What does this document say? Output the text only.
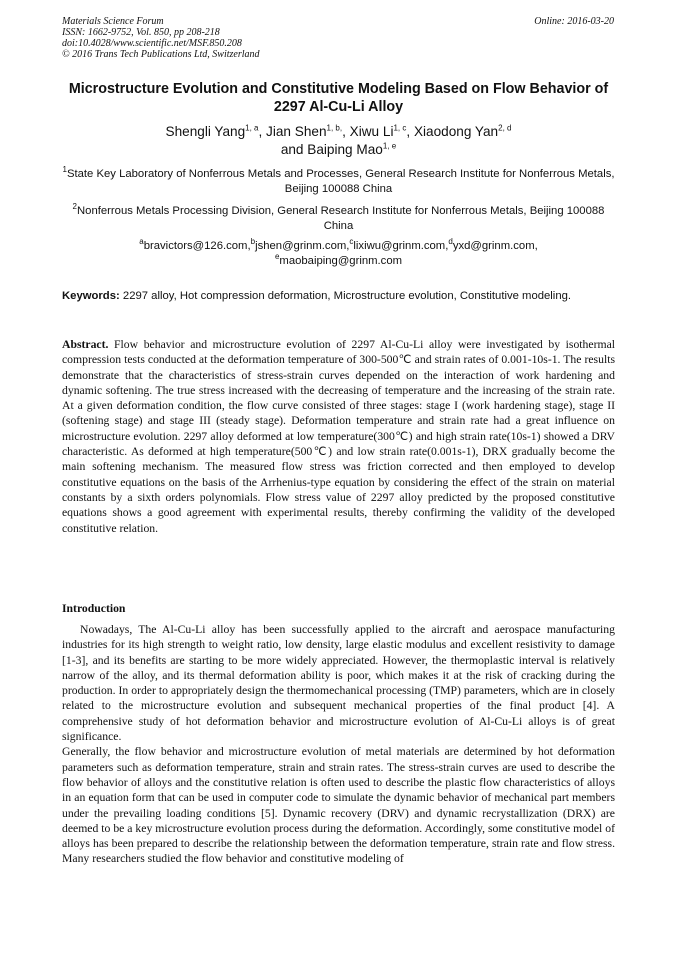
Materials Science Forum
ISSN: 1662-9752, Vol. 850, pp 208-218
doi:10.4028/www.scientific.net/MSF.850.208
© 2016 Trans Tech Publications Ltd, Switzerland
Online: 2016-03-20
Microstructure Evolution and Constitutive Modeling Based on Flow Behavior of 2297 Al-Cu-Li Alloy
Shengli Yang$^{1, a}$, Jian Shen$^{1, b,}$, Xiwu Li$^{1, c}$, Xiaodong Yan$^{2, d}$
and Baiping Mao$^{1, e}$
$^1$State Key Laboratory of Nonferrous Metals and Processes, General Research Institute for Nonferrous Metals, Beijing 100088 China
$^2$Nonferrous Metals Processing Division, General Research Institute for Nonferrous Metals, Beijing 100088 China
$^a$bravictors@126.com,$^b$jshen@grinm.com,$^c$lixiwu@grinm.com,$^d$yxd@grinm.com,
$^e$maobaiping@grinm.com
Keywords: 2297 alloy, Hot compression deformation, Microstructure evolution, Constitutive modeling.
Abstract. Flow behavior and microstructure evolution of 2297 Al-Cu-Li alloy were investigated by isothermal compression tests conducted at the deformation temperature of 300-500℃ and strain rates of 0.001-10s-1. The results demonstrate that the characteristics of stress-strain curves depended on the interaction of work hardening and dynamic softening. The true stress increased with the decreasing of temperature and the increasing of the strain rate. At a given deformation condition, the flow curve consisted of three stages: stage I (work hardening stage), stage II (softening stage) and stage III (steady stage). Deformation temperature and strain rate had a great influence on microstructure evolution. 2297 alloy deformed at low temperature(300℃) and high strain rate(10s-1) showed a DRV characteristic. As deformed at high temperature(500℃) and low strain rate(0.001s-1), DRX gradually become the main softening mechanism. The measured flow stress was friction corrected and then employed to develop constitutive equations on the basis of the Arrhenius-type equation by considering the effect of the strain on material constants by a sixth orders polynomials. Flow stress value of 2297 alloy predicted by the proposed constitutive equations shows a good agreement with experimental results, thereby confirming the validity of the developed constitutive relation.
Introduction

Nowadays, The Al-Cu-Li alloy has been successfully applied to the aircraft and aerospace manufacturing industries for its high strength to weight ratio, low density, large elastic modulus and excellent resistivity to damage [1-3], and its benefits are starting to be more widely appreciated. However, the thermoplastic interval is relatively narrow of the alloy, and its thermal deformation ability is poor, which makes it at the risk of cracking during the production. In order to appropriately design the thermomechanical processing (TMP) parameters, which are in closely related to the microstructure evolution and subsequent mechanical properties of the final product [4]. A comprehensive study of hot deformation behavior and microstructure evolution of Al-Cu-Li alloys is of great significance.

Generally, the flow behavior and microstructure evolution of metal materials are determined by hot deformation parameters such as deformation temperature, strain and strain rates. The stress-strain curves are used to describe the flow behavior of alloys and the constitutive relation is often used to describe the plastic flow characteristics of alloys in an equation form that can be used in computer code to simulate the dynamic behavior of mechanical part members under the prevailing loading conditions [5]. Dynamic recovery (DRV) and dynamic recrystallization (DRX) are deemed to be a key microstructure evolution process during the deformation. Accordingly, some constitutive model of alloys has been prepared to describe the relationship between the deformation temperature, strain rate and flow stress. Many researchers studied the flow behavior and constitutive modeling of
